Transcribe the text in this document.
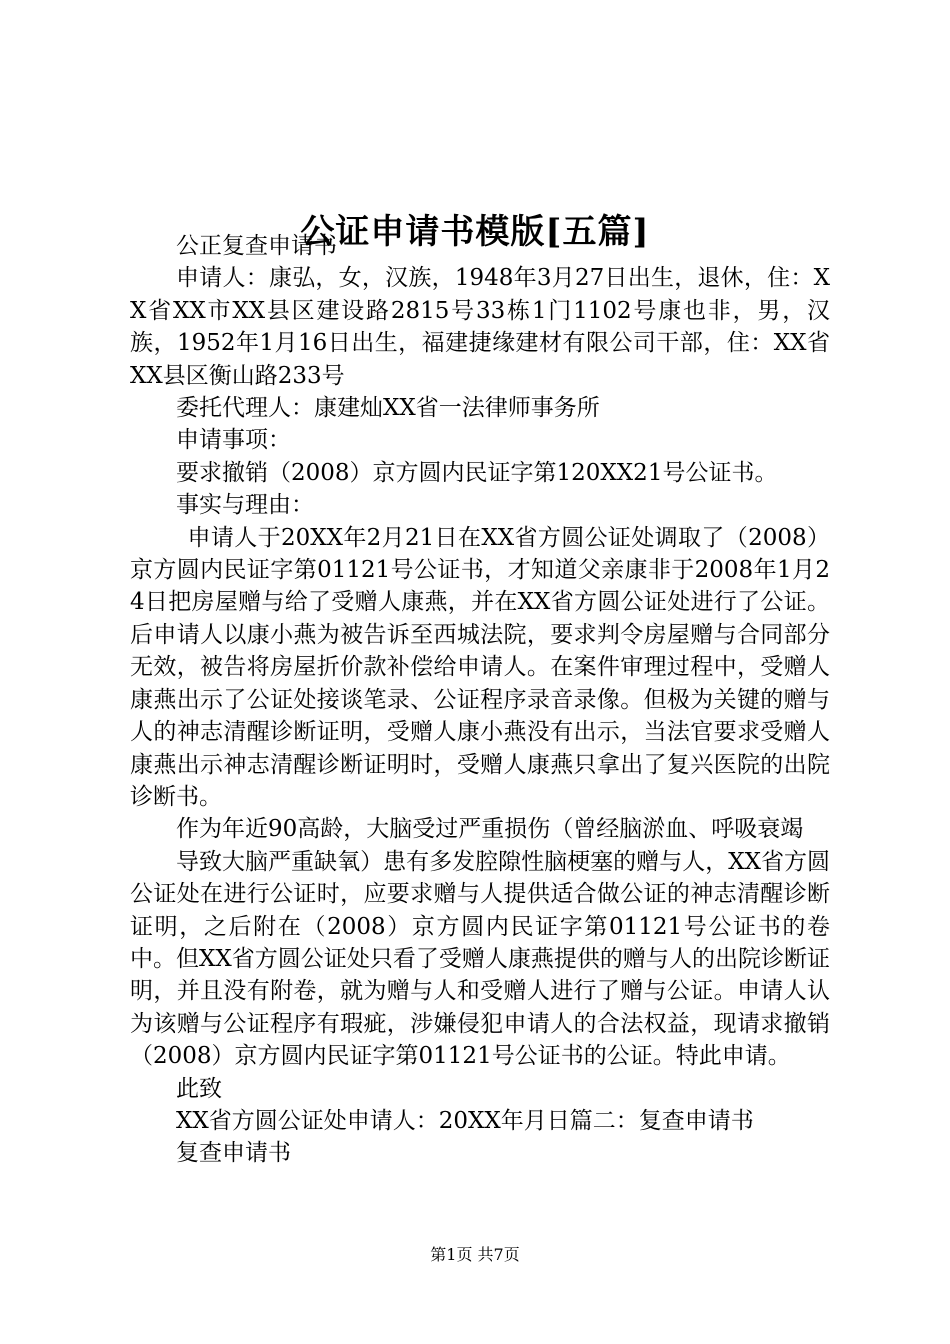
公证申请书模版[五篇]

公正复查申请书

申请人：康弘，女，汉族，1948年3月27日出生，退休，住：XX省XX市XX县区建设路2815号33栋1门1102号康也非，男，汉族，1952年1月16日出生，福建捷缘建材有限公司干部，住：XX省XX县区衡山路233号

委托代理人：康建灿XX省一法律师事务所

申请事项：

要求撤销（2008）京方圆内民证字第120XX21号公证书。

事实与理由：

申请人于20XX年2月21日在XX省方圆公证处调取了（2008）京方圆内民证字第01121号公证书，才知道父亲康非于2008年1月24日把房屋赠与给了受赠人康燕，并在XX省方圆公证处进行了公证。后申请人以康小燕为被告诉至西城法院，要求判令房屋赠与合同部分无效，被告将房屋折价款补偿给申请人。在案件审理过程中，受赠人康燕出示了公证处接谈笔录、公证程序录音录像。但极为关键的赠与人的神志清醒诊断证明，受赠人康小燕没有出示，当法官要求受赠人康燕出示神志清醒诊断证明时，受赠人康燕只拿出了复兴医院的出院诊断书。

作为年近90高龄，大脑受过严重损伤（曾经脑淤血、呼吸衰竭

导致大脑严重缺氧）患有多发腔隙性脑梗塞的赠与人，XX省方圆公证处在进行公证时，应要求赠与人提供适合做公证的神志清醒诊断证明，之后附在（2008）京方圆内民证字第01121号公证书的卷中。但XX省方圆公证处只看了受赠人康燕提供的赠与人的出院诊断证明，并且没有附卷，就为赠与人和受赠人进行了赠与公证。申请人认为该赠与公证程序有瑕疵，涉嫌侵犯申请人的合法权益，现请求撤销（2008）京方圆内民证字第01121号公证书的公证。特此申请。

此致

XX省方圆公证处申请人：20XX年月日篇二：复查申请书

复查申请书

第1页 共7页
